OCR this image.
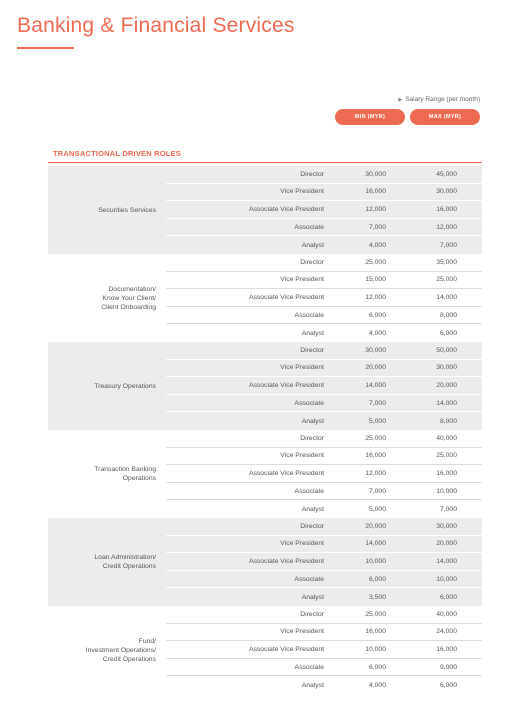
Banking & Financial Services
▶ Salary Range (per month)
MIN (MYR)	MAX (MYR)
TRANSACTIONAL DRIVEN ROLES
Securities Services
Director	30,000	45,000
Vice President	16,000	30,000
Associate Vice President	12,000	16,000
Associate	7,000	12,000
Analyst	4,000	7,000
Documentation/
Know Your Client/
Client Onboarding
Director	25,000	35,000
Vice President	15,000	25,000
Associate Vice President	12,000	14,000
Associate	6,000	8,000
Analyst	4,000	6,000
Treasury Operations
Director	30,000	50,000
Vice President	20,000	30,000
Associate Vice President	14,000	20,000
Associate	7,000	14,000
Analyst	5,000	8,000
Transaction Banking
Operations
Director	25,000	40,000
Vice President	16,000	25,000
Associate Vice President	12,000	16,000
Associate	7,000	10,000
Analyst	5,000	7,000
Loan Administration/
Credit Operations
Director	20,000	30,000
Vice President	14,000	20,000
Associate Vice President	10,000	14,000
Associate	6,000	10,000
Analyst	3,500	6,000
Fund/
Investment Operations/
Credit Operations
Director	25,000	40,000
Vice President	16,000	24,000
Associate Vice President	10,000	16,000
Associate	6,000	9,000
Analyst	4,000	6,000
